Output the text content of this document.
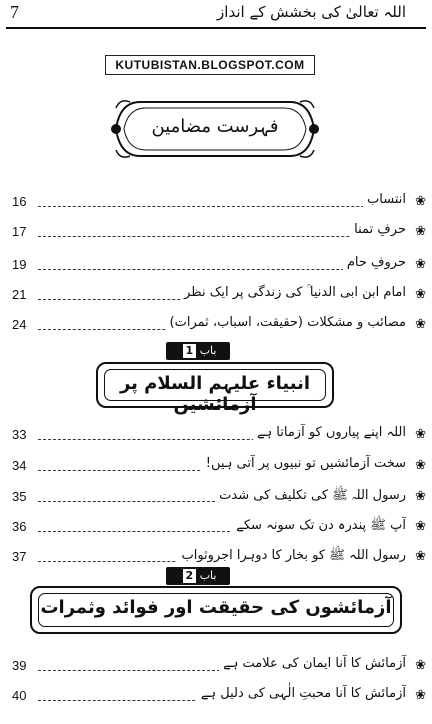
7	اللہ تعالیٰ کی بخشش کے انداز
KUTUBISTAN.BLOGSPOT.COM
فہرست مضامین
16	انتساب ❀
17	حرفِ تمنا ❀
19	حروفِ حام ❀
21	امام ابن ابی الدنیا ؒ کی زندگی پر ایک نظر ❀
24	مصائب و مشکلات (حقیقت، اسباب، ثمرات) ❀
1 باب
انبیاء علیہم السلام پر آزمائشیں
33	اللہ اپنے پیاروں کو آزماتا ہے ❀
34	سخت آزمائشیں تو نبیوں پر آتی ہیں! ❀
35	رسول اللہ ﷺ کی تکلیف کی شدت ❀
36	آپ ﷺ پندرہ دن تک سونہ سکے ❀
37	رسول اللہ ﷺ کو بخار کا دوہرا اجروثواب ❀
2 باب
آزمائشوں کی حقیقت اور فوائد وثمرات
39	آزمائش کا آنا ایمان کی علامت ہے ❀
40	آزمائش کا آنا محبتِ الٰہی کی دلیل ہے ❀
